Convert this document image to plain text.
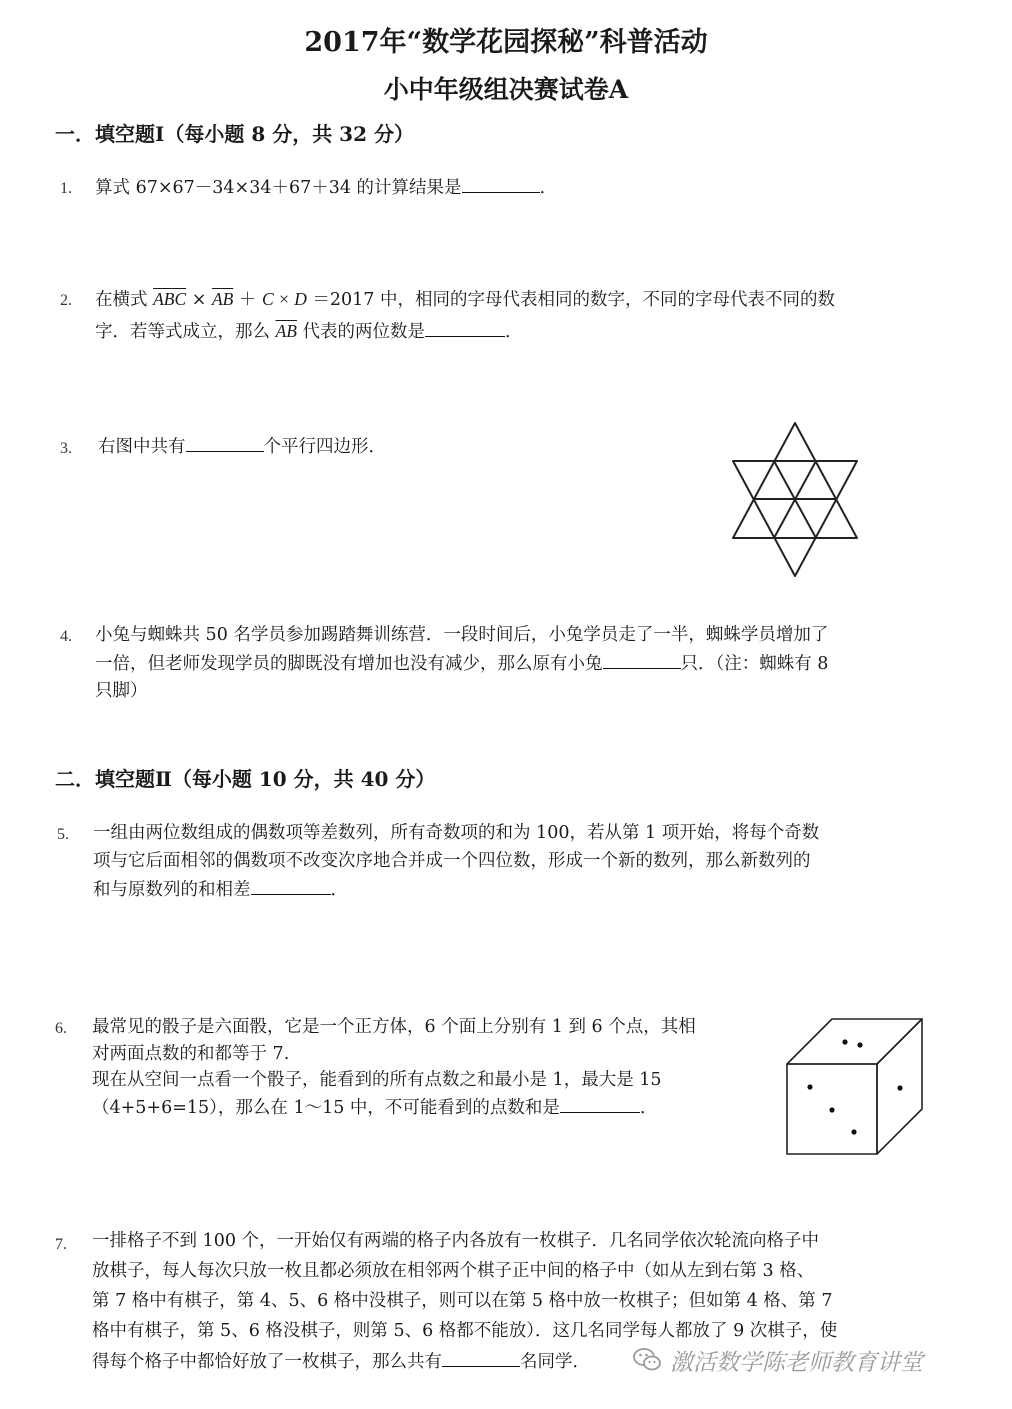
2017年“数学花园探秘”科普活动
小中年级组决赛试卷A
一．填空题Ⅰ（每小题 8 分，共 32 分）
1. 算式 67×67－34×34＋67＋34 的计算结果是	．
2. 在横式 $\overline{ABC} \times \overline{AB} + C \times D =2017$ 中，相同的字母代表相同的数字，不同的字母代表不同的数
字．若等式成立，那么 $\overline{AB}$ 代表的两位数是	．
3. 右图中共有	个平行四边形．
4. 小兔与蜘蛛共 50 名学员参加踢踏舞训练营．一段时间后，小兔学员走了一半，蜘蛛学员增加了
一倍，但老师发现学员的脚既没有增加也没有减少，那么原有小兔	只．（注：蜘蛛有 8
只脚）
二．填空题Ⅱ（每小题 10 分，共 40 分）
5. 一组由两位数组成的偶数项等差数列，所有奇数项的和为 100，若从第 1 项开始，将每个奇数
项与它后面相邻的偶数项不改变次序地合并成一个四位数，形成一个新的数列，那么新数列的
和与原数列的和相差	．
6. 最常见的骰子是六面骰，它是一个正方体，6 个面上分别有 1 到 6 个点，其相
对两面点数的和都等于 7.
现在从空间一点看一个骰子，能看到的所有点数之和最小是 1，最大是 15
（4+5+6=15），那么在 1～15 中，不可能看到的点数和是	．
7. 一排格子不到 100 个，一开始仅有两端的格子内各放有一枚棋子．几名同学依次轮流向格子中
放棋子，每人每次只放一枚且都必须放在相邻两个棋子正中间的格子中（如从左到右第 3 格、
第 7 格中有棋子，第 4、5、6 格中没棋子，则可以在第 5 格中放一枚棋子；但如第 4 格、第 7
格中有棋子，第 5、6 格没棋子，则第 5、6 格都不能放）．这几名同学每人都放了 9 次棋子，使
得每个格子中都恰好放了一枚棋子，那么共有	名同学．	激活数学陈老师教育讲堂
